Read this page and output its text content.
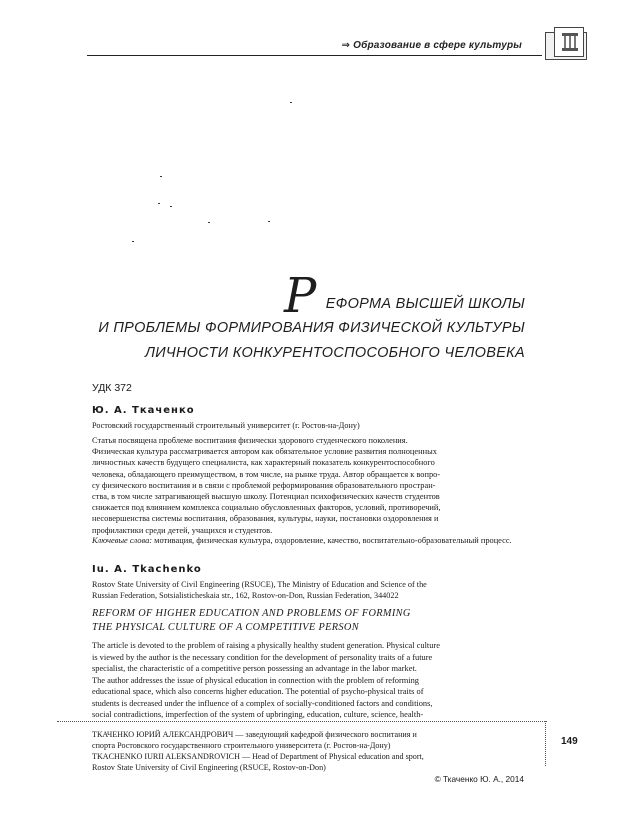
⇒ Образование в сфере культуры
Р ЕФОРМА ВЫСШЕЙ ШКОЛЫ
И ПРОБЛЕМЫ ФОРМИРОВАНИЯ ФИЗИЧЕСКОЙ КУЛЬТУРЫ
ЛИЧНОСТИ КОНКУРЕНТОСПОСОБНОГО ЧЕЛОВЕКА
УДК 372
Ю. А. Ткаченко
Ростовский государственный строительный университет (г. Ростов-на-Дону)
Статья посвящена проблеме воспитания физически здорового студенческого поколения.
Физическая культура рассматривается автором как обязательное условие развития полноценных
личностных качеств будущего специалиста, как характерный показатель конкурентоспособного
человека, обладающего преимуществом, в том числе, на рынке труда. Автор обращается к вопро-
су физического воспитания и в связи с проблемой реформирования образовательного простран-
ства, в том числе затрагивающей высшую школу. Потенциал психофизических качеств студентов
снижается под влиянием комплекса социально обусловленных факторов, условий, противоречий,
несовершенства системы воспитания, образования, культуры, науки, постановки оздоровления и
профилактики среди детей, учащихся и студентов.
Ключевые слова: мотивация, физическая культура, оздоровление, качество, воспитательно-образовательный процесс.
Iu. A. Tkachenko
Rostov State University of Civil Engineering (RSUCE), The Ministry of Education and Science of the
Russian Federation, Sotsialisticheskaia str., 162, Rostov-on-Don, Russian Federation, 344022
REFORM OF HIGHER EDUCATION AND PROBLEMS OF FORMING
THE PHYSICAL CULTURE OF A COMPETITIVE PERSON
The article is devoted to the problem of raising a physically healthy student generation. Physical culture
is viewed by the author is the necessary condition for the development of personality traits of a future
specialist, the characteristic of a competitive person possessing an advantage in the labor market.
The author addresses the issue of physical education in connection with the problem of reforming
educational space, which also concerns higher education. The potential of psycho-physical traits of
students is decreased under the influence of a complex of socially-conditioned factors and conditions,
social contradictions, imperfection of the system of upbringing, education, culture, science, health-
149
ТКАЧЕНКО ЮРИЙ АЛЕКСАНДРОВИЧ — заведующий кафедрой физического воспитания и
спорта Ростовского государственного строительного университета (г. Ростов-на-Дону)
TKACHENKO IURII ALEKSANDROVICH — Head of Department of Physical education and sport,
Rostov State University of Civil Engineering (RSUCE, Rostov-on-Don)
© Ткаченко Ю. А., 2014
